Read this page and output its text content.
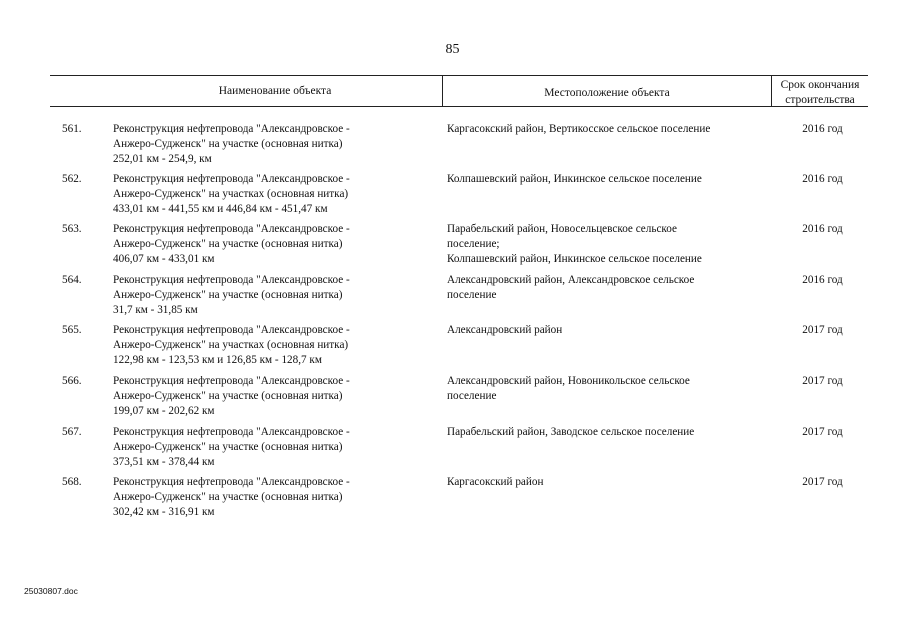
85
Наименование объекта	Местоположение объекта
Срок окончания
строительства
561.	Реконструкция нефтепровода "Александровское -
Анжеро-Судженск" на участке (основная нитка)
252,01 км - 254,9, км
Каргасокский район, Вертикосское сельское поселение	2016 год
562.	Реконструкция нефтепровода "Александровское -
Анжеро-Судженск" на участках (основная нитка)
433,01 км - 441,55 км и 446,84 км - 451,47 км
Колпашевский район, Инкинское сельское поселение	2016 год
563.	Реконструкция нефтепровода "Александровское -
Анжеро-Судженск" на участке (основная нитка)
406,07 км - 433,01 км
Парабельский район, Новосельцевское сельское
поселение;
Колпашевский район, Инкинское сельское поселение
2016 год
564.	Реконструкция нефтепровода "Александровское -
Анжеро-Судженск" на участке (основная нитка)
31,7 км - 31,85 км
Александровский район, Александровское сельское
поселение
2016 год
565.	Реконструкция нефтепровода "Александровское -
Анжеро-Судженск" на участках (основная нитка)
122,98 км - 123,53 км и 126,85 км - 128,7 км
Александровский район	2017 год
566.	Реконструкция нефтепровода "Александровское -
Анжеро-Судженск" на участке (основная нитка)
199,07 км - 202,62 км
Александровский район, Новоникольское сельское
поселение
2017 год
567.	Реконструкция нефтепровода "Александровское -
Анжеро-Судженск" на участке (основная нитка)
373,51 км - 378,44 км
Парабельский район, Заводское сельское поселение	2017 год
568.	Реконструкция нефтепровода "Александровское -
Анжеро-Судженск" на участке (основная нитка)
302,42 км - 316,91 км
Каргасокский район	2017 год
25030807.doc
